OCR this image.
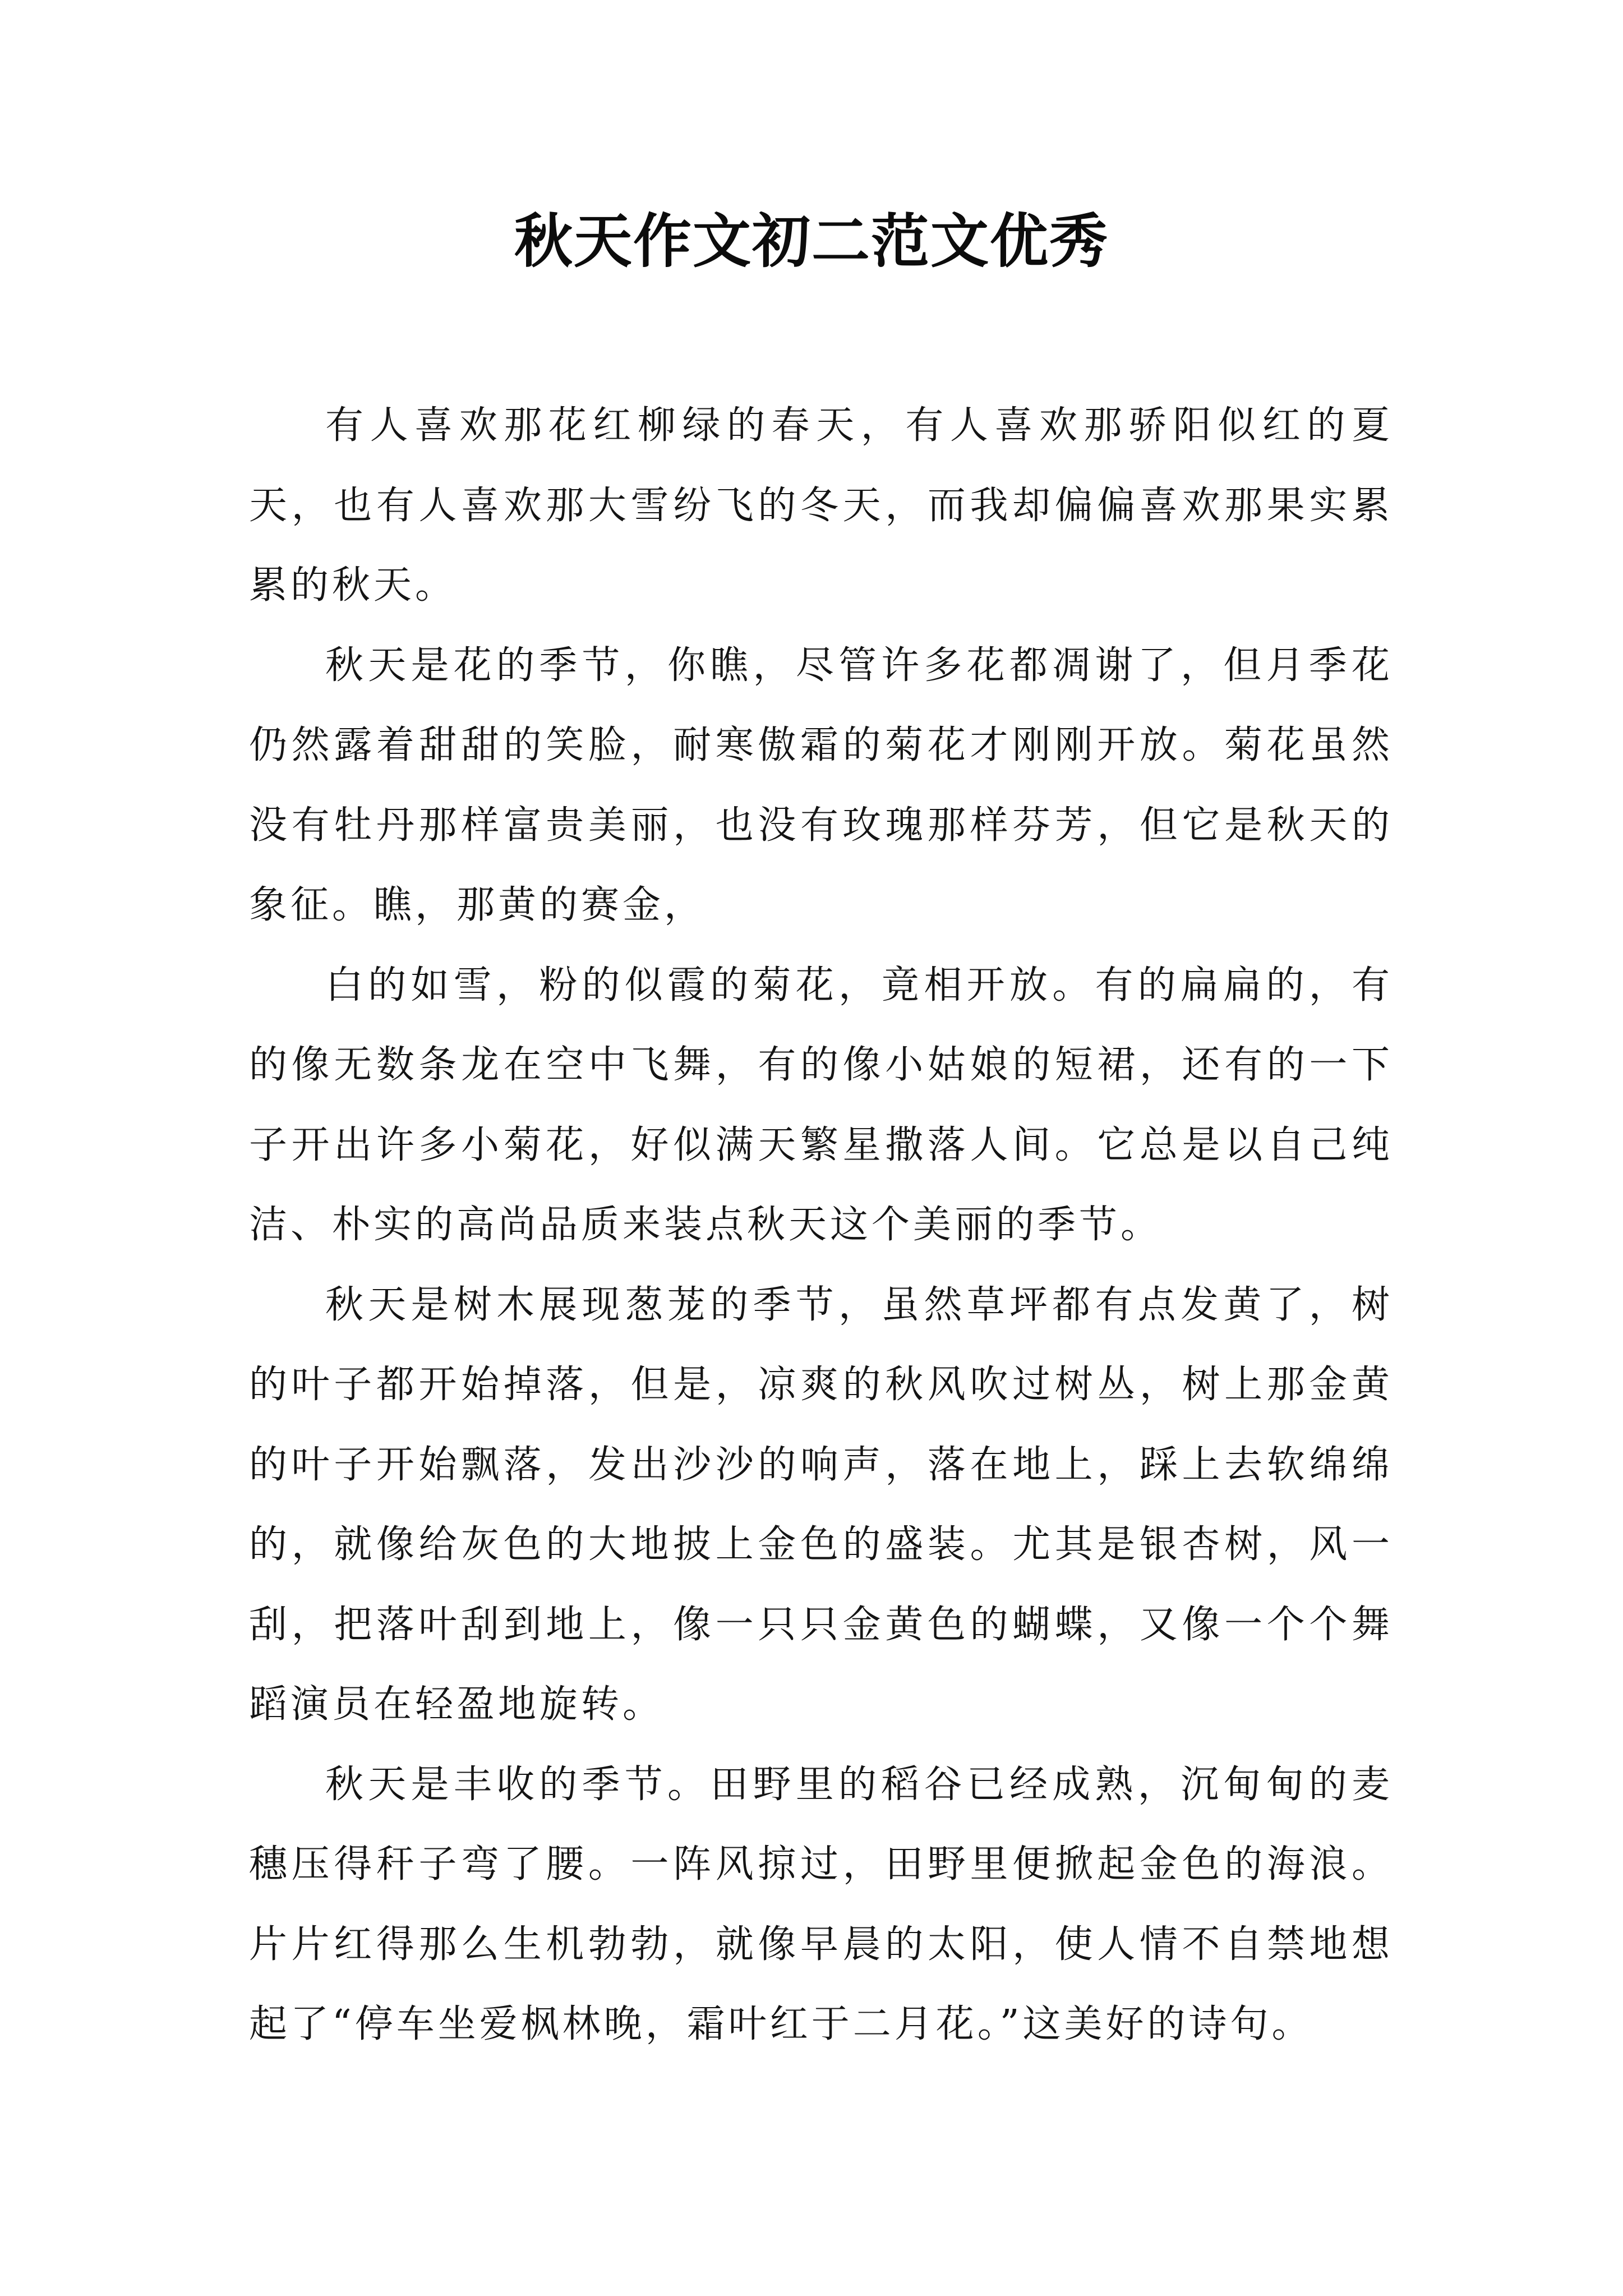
秋天作文初二范文优秀

有人喜欢那花红柳绿的春天，有人喜欢那骄阳似红的夏天，也有人喜欢那大雪纷飞的冬天，而我却偏偏喜欢那果实累累的秋天。

秋天是花的季节，你瞧，尽管许多花都凋谢了，但月季花仍然露着甜甜的笑脸，耐寒傲霜的菊花才刚刚开放。菊花虽然没有牡丹那样富贵美丽，也没有玫瑰那样芬芳，但它是秋天的象征。瞧，那黄的赛金，

白的如雪，粉的似霞的菊花，竟相开放。有的扁扁的，有的像无数条龙在空中飞舞，有的像小姑娘的短裙，还有的一下子开出许多小菊花，好似满天繁星撒落人间。它总是以自己纯洁、朴实的高尚品质来装点秋天这个美丽的季节。

秋天是树木展现葱茏的季节，虽然草坪都有点发黄了，树的叶子都开始掉落，但是，凉爽的秋风吹过树丛，树上那金黄的叶子开始飘落，发出沙沙的响声，落在地上，踩上去软绵绵的，就像给灰色的大地披上金色的盛装。尤其是银杏树，风一刮，把落叶刮到地上，像一只只金黄色的蝴蝶，又像一个个舞蹈演员在轻盈地旋转。

秋天是丰收的季节。田野里的稻谷已经成熟，沉甸甸的麦穗压得秆子弯了腰。一阵风掠过，田野里便掀起金色的海浪。片片红得那么生机勃勃，就像早晨的太阳，使人情不自禁地想起了“停车坐爱枫林晚，霜叶红于二月花。”这美好的诗句。
